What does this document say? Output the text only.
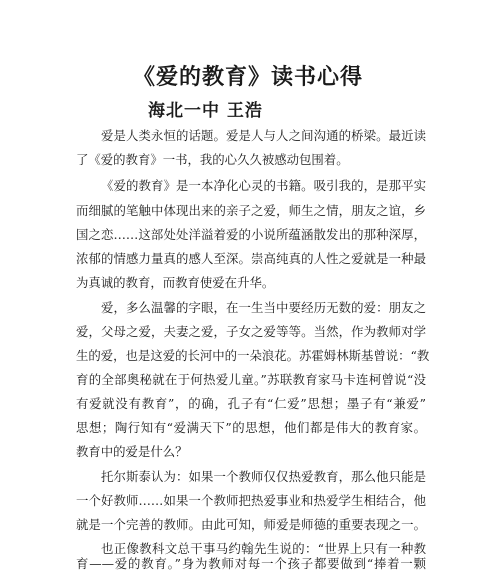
《爱的教育》读书心得
海北一中 王浩

爱是人类永恒的话题。爱是人与人之间沟通的桥梁。最近读

了《爱的教育》一书，我的心久久被感动包围着。

《爱的教育》是一本净化心灵的书籍。吸引我的，是那平实

而细腻的笔触中体现出来的亲子之爱，师生之情，朋友之谊，乡

国之恋……这部处处洋溢着爱的小说所蕴涵散发出的那种深厚，

浓郁的情感力量真的感人至深。崇高纯真的人性之爱就是一种最

为真诚的教育，而教育使爱在升华。

爱，多么温馨的字眼，在一生当中要经历无数的爱：朋友之

爱，父母之爱，夫妻之爱，子女之爱等等。当然，作为教师对学

生的爱，也是这爱的长河中的一朵浪花。苏霍姆林斯基曾说：“教

育的全部奥秘就在于何热爱儿童。”苏联教育家马卡连柯曾说“没

有爱就没有教育”，的确，孔子有“仁爱”思想；墨子有“兼爱”

思想；陶行知有“爱满天下”的思想，他们都是伟大的教育家。

教育中的爱是什么？

托尔斯泰认为：如果一个教师仅仅热爱教育，那么他只能是

一个好教师……如果一个教师把热爱事业和热爱学生相结合，他

就是一个完善的教师。由此可知，师爱是师德的重要表现之一。

也正像教科文总干事马约翰先生说的：“世界上只有一种教

育——爱的教育。”身为教师对每一个孩子都要做到“捧着一颗
